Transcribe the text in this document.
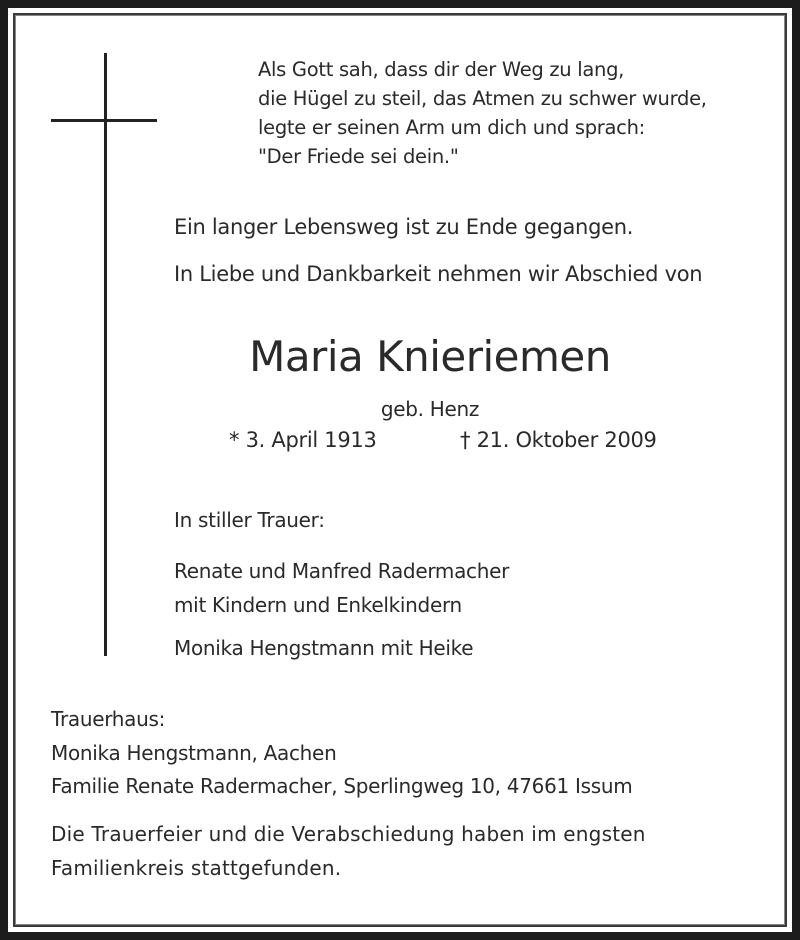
Als Gott sah, dass dir der Weg zu lang,
die Hügel zu steil, das Atmen zu schwer wurde,
legte er seinen Arm um dich und sprach:
"Der Friede sei dein."
Ein langer Lebensweg ist zu Ende gegangen.
In Liebe und Dankbarkeit nehmen wir Abschied von
Maria Knieriemen
geb. Henz
* 3. April 1913	† 21. Oktober 2009
In stiller Trauer:
Renate und Manfred Radermacher
mit Kindern und Enkelkindern
Monika Hengstmann mit Heike
Trauerhaus:
Monika Hengstmann, Aachen
Familie Renate Radermacher, Sperlingweg 10, 47661 Issum
Die Trauerfeier und die Verabschiedung haben im engsten
Familienkreis stattgefunden.
